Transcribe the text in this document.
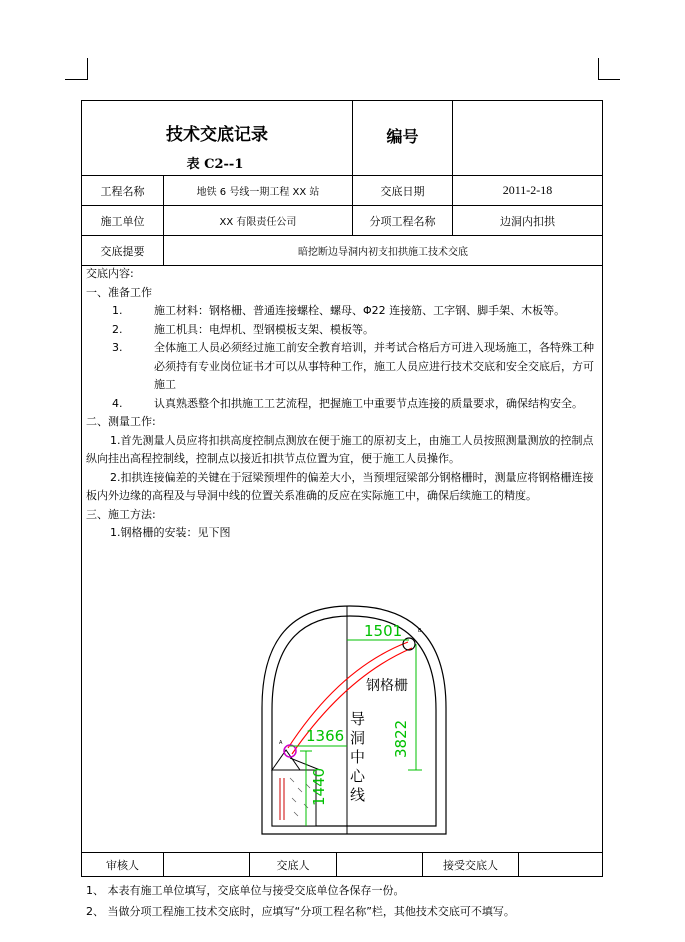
技术交底记录
表 C2--1
编号
工程名称	地铁 6 号线一期工程 XX 站	交底日期	2011-2-18
施工单位	XX 有限责任公司	分项工程名称	边洞内扣拱
交底提要	暗挖断边导洞内初支扣拱施工技术交底

交底内容:

一、准备工作

1.	施工材料：钢格栅、普通连接螺栓、螺母、Φ22 连接筋、工字钢、脚手架、木板等。
2.	施工机具：电焊机、型钢模板支架、模板等。
3.	全体施工人员必须经过施工前安全教育培训，并考试合格后方可进入现场施工，各特殊工种必须持有专业岗位证书才可以从事特种工作，施工人员应进行技术交底和安全交底后，方可施工
4.	认真熟悉整个扣拱施工工艺流程，把握施工中重要节点连接的质量要求，确保结构安全。

二、测量工作:

1.首先测量人员应将扣拱高度控制点测放在便于施工的原初支上，由施工人员按照测量测放的控制点纵向挂出高程控制线，控制点以接近扣拱节点位置为宜，便于施工人员操作。

2.扣拱连接偏差的关键在于冠梁预埋件的偏差大小，当预埋冠梁部分钢格栅时，测量应将钢格栅连接板内外边缘的高程及与导洞中线的位置关系准确的反应在实际施工中，确保后续施工的精度。

三、施工方法:

1.钢格栅的安装：见下图

A
B
1501
1366	3822
1440
钢格栅
导
洞
中
心
线
审核人	交底人	接受交底人

1、 本表有施工单位填写，交底单位与接受交底单位各保存一份。

2、 当做分项工程施工技术交底时，应填写“分项工程名称”栏，其他技术交底可不填写。
